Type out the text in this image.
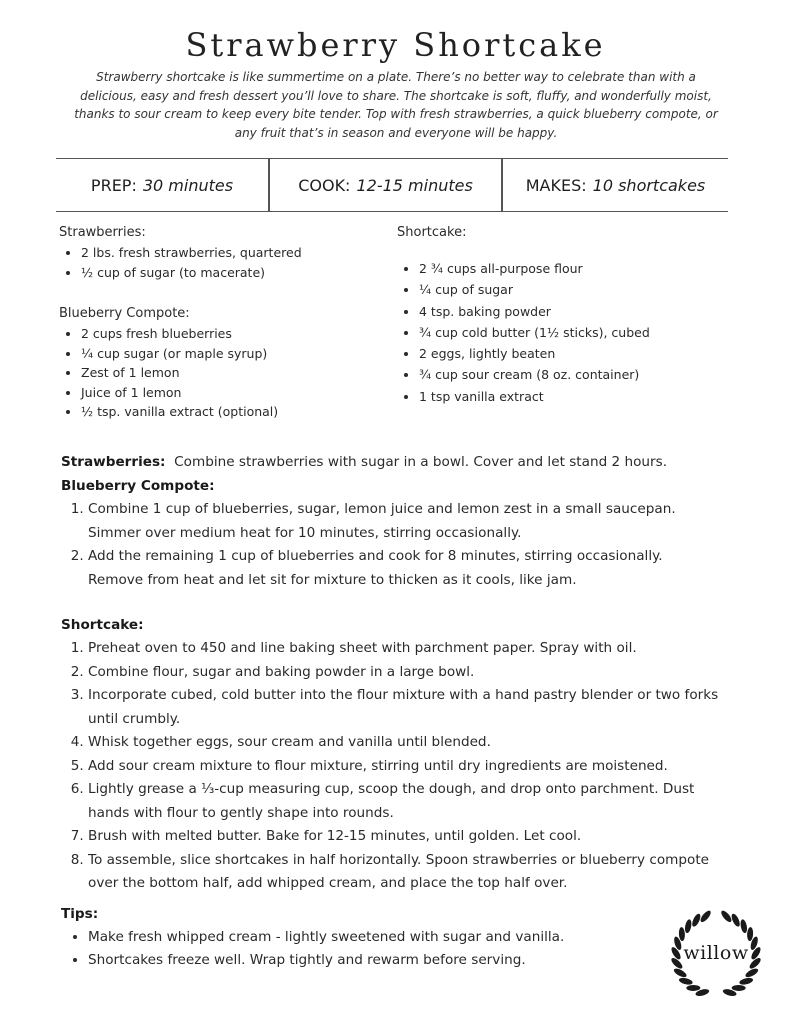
Strawberry Shortcake
Strawberry shortcake is like summertime on a plate. There’s no better way to celebrate than with a delicious, easy and fresh dessert you’ll love to share. The shortcake is soft, fluffy, and wonderfully moist, thanks to sour cream to keep every bite tender. Top with fresh strawberries, a quick blueberry compote, or any fruit that’s in season and everyone will be happy.
PREP: 30 minutes	COOK: 12-15 minutes	MAKES: 10 shortcakes
Strawberries:
• 2 lbs. fresh strawberries, quartered
• ½ cup of sugar (to macerate)
Blueberry Compote:
• 2 cups fresh blueberries
• ¼ cup sugar (or maple syrup)
• Zest of 1 lemon
• Juice of 1 lemon
• ½ tsp. vanilla extract (optional)
Shortcake:
• 2 ¾ cups all-purpose flour
• ¼ cup of sugar
• 4 tsp. baking powder
• ¾ cup cold butter (1½ sticks), cubed
• 2 eggs, lightly beaten
• ¾ cup sour cream (8 oz. container)
• 1 tsp vanilla extract

Strawberries: Combine strawberries with sugar in a bowl. Cover and let stand 2 hours.

Blueberry Compote:

1. Combine 1 cup of blueberries, sugar, lemon juice and lemon zest in a small saucepan. Simmer over medium heat for 10 minutes, stirring occasionally.
2. Add the remaining 1 cup of blueberries and cook for 8 minutes, stirring occasionally. Remove from heat and let sit for mixture to thicken as it cools, like jam.

Shortcake:

1. Preheat oven to 450 and line baking sheet with parchment paper. Spray with oil.
2. Combine flour, sugar and baking powder in a large bowl.
3. Incorporate cubed, cold butter into the flour mixture with a hand pastry blender or two forks until crumbly.
4. Whisk together eggs, sour cream and vanilla until blended.
5. Add sour cream mixture to flour mixture, stirring until dry ingredients are moistened.
6. Lightly grease a ⅓-cup measuring cup, scoop the dough, and drop onto parchment. Dust hands with flour to gently shape into rounds.
7. Brush with melted butter. Bake for 12-15 minutes, until golden. Let cool.
8. To assemble, slice shortcakes in half horizontally. Spoon strawberries or blueberry compote over the bottom half, add whipped cream, and place the top half over.

Tips:

• Make fresh whipped cream - lightly sweetened with sugar and vanilla.
• Shortcakes freeze well. Wrap tightly and rewarm before serving.	willow
